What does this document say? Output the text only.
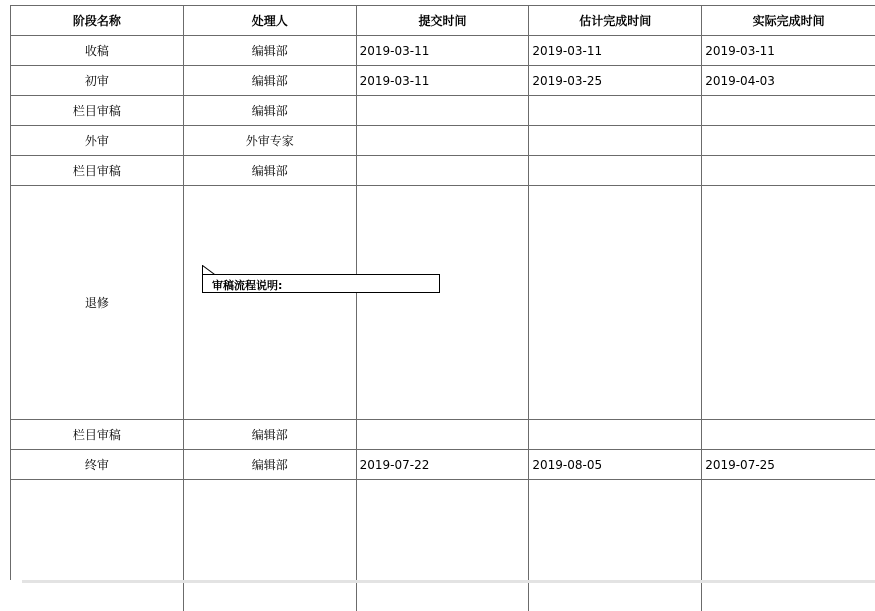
阶段名称	处理人	提交时间	估计完成时间	实际完成时间
收稿	编辑部	2019-03-11	2019-03-11	2019-03-11
初审	编辑部	2019-03-11	2019-03-25	2019-04-03
栏目审稿	编辑部
外审	外审专家
栏目审稿	编辑部
退修
栏目审稿	编辑部
终审	编辑部	2019-07-22	2019-08-05	2019-07-25
审稿流程说明:
